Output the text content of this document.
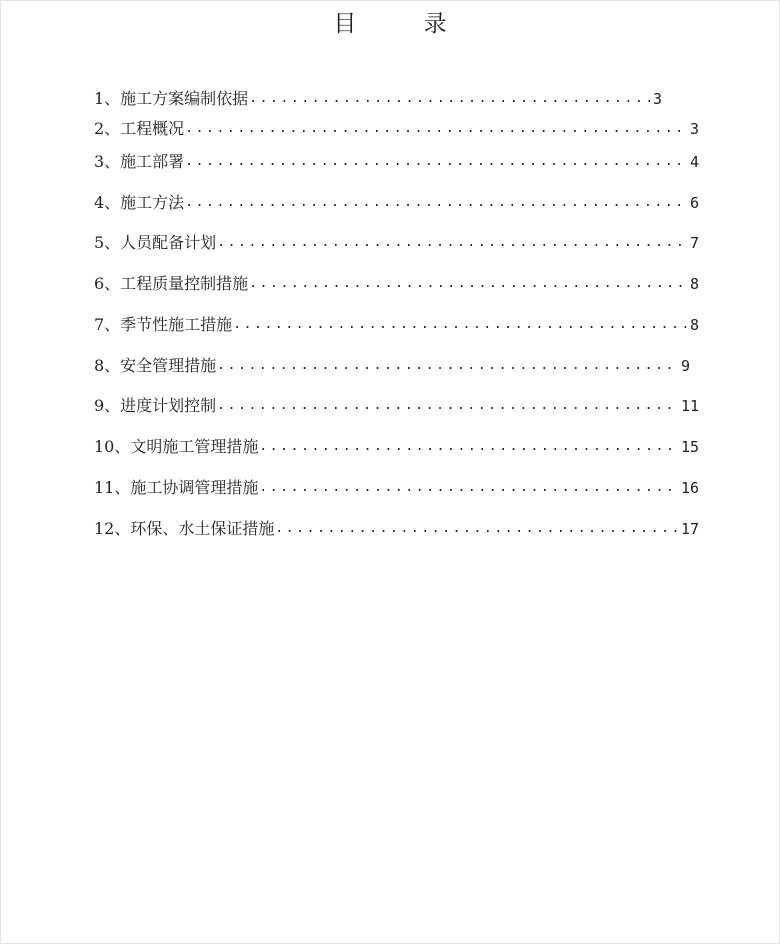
目 录
1、施工方案编制依据 .....	3
2、工程概况 .....	3
3、施工部署 .....	4
4、施工方法 .....	6
5、人员配备计划 .....	7
6、工程质量控制措施 .....	8
7、季节性施工措施 .....	8
8、安全管理措施 .....	9
9、进度计划控制 .....	11
10、文明施工管理措施 .....	15
11、施工协调管理措施 .....	16
12、环保、水土保证措施 .....	17
